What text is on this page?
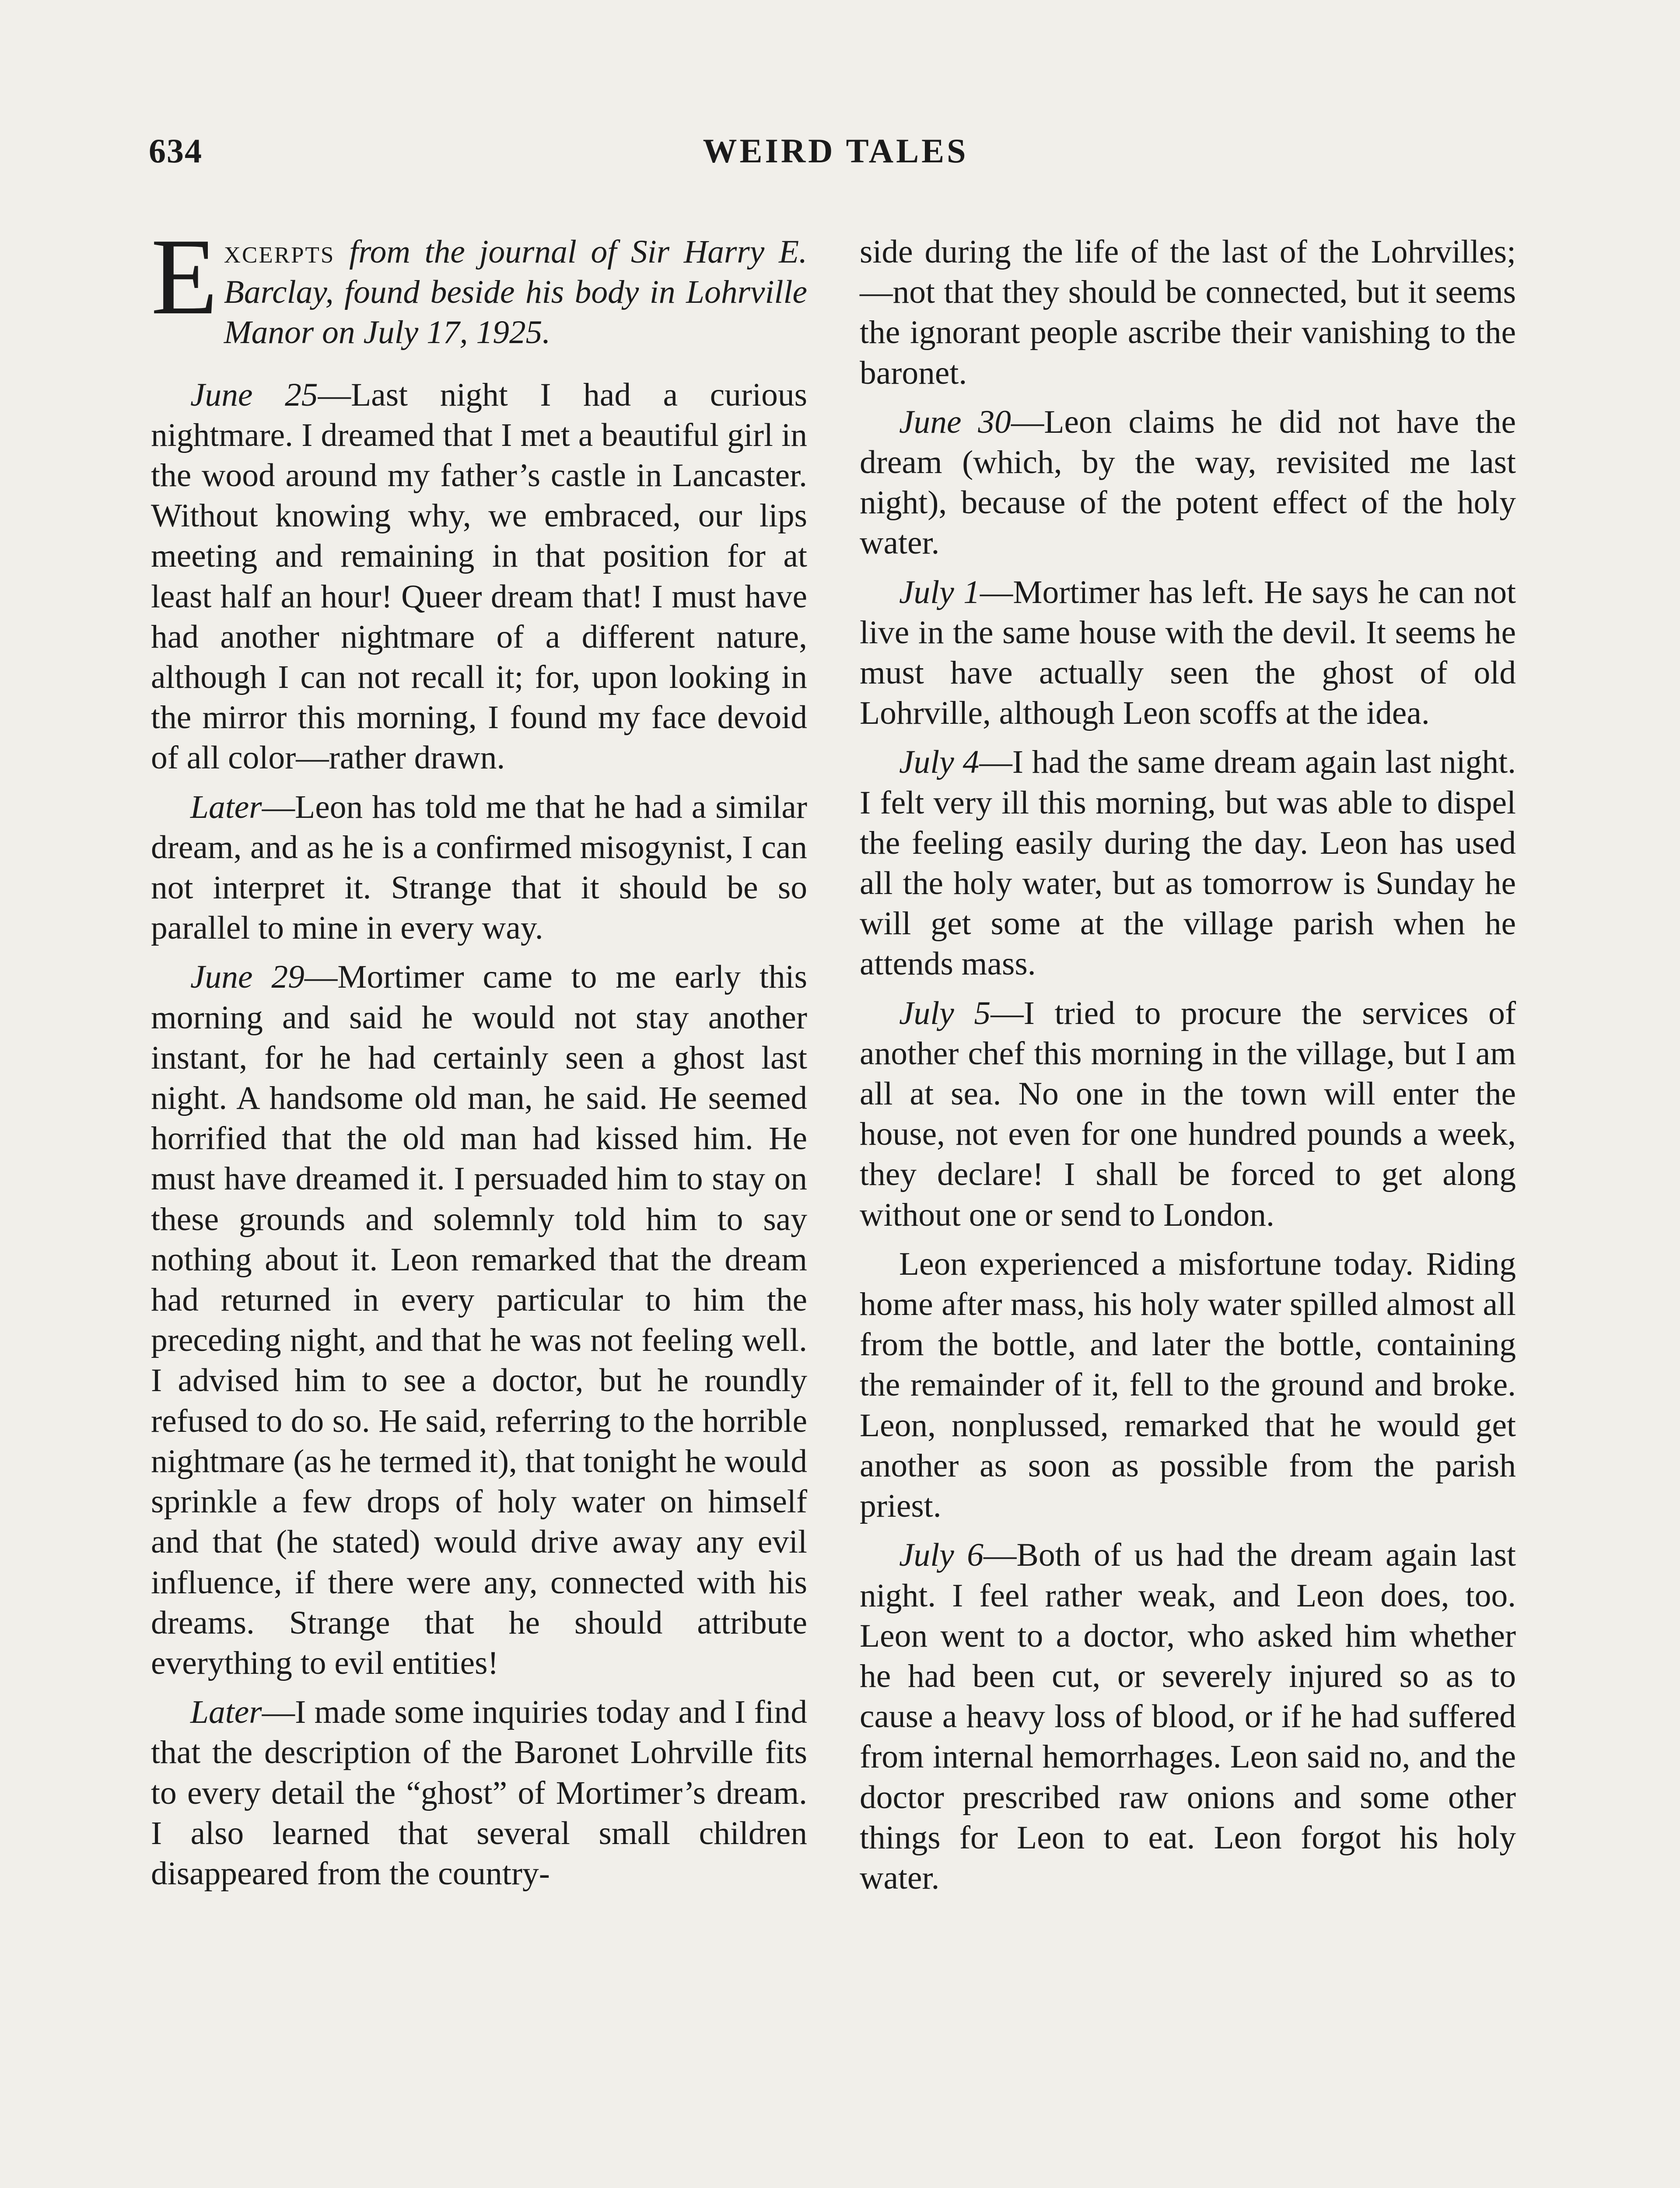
634	WEIRD TALES

Excerpts from the journal of Sir Harry E. Barclay, found beside his body in Lohrville Manor on July 17, 1925.

June 25—Last night I had a curious nightmare. I dreamed that I met a beautiful girl in the wood around my father’s castle in Lancaster. Without knowing why, we embraced, our lips meeting and remaining in that position for at least half an hour! Queer dream that! I must have had another nightmare of a different nature, although I can not recall it; for, upon looking in the mirror this morning, I found my face devoid of all color—rather drawn.

Later—Leon has told me that he had a similar dream, and as he is a confirmed misogynist, I can not interpret it. Strange that it should be so parallel to mine in every way.

June 29—Mortimer came to me early this morning and said he would not stay another instant, for he had certainly seen a ghost last night. A handsome old man, he said. He seemed horrified that the old man had kissed him. He must have dreamed it. I persuaded him to stay on these grounds and solemnly told him to say nothing about it. Leon remarked that the dream had returned in every particular to him the preceding night, and that he was not feeling well. I advised him to see a doctor, but he roundly refused to do so. He said, referring to the horrible nightmare (as he termed it), that tonight he would sprinkle a few drops of holy water on himself and that (he stated) would drive away any evil influence, if there were any, connected with his dreams. Strange that he should attribute everything to evil entities!

Later—I made some inquiries today and I find that the description of the Baronet Lohrville fits to every detail the “ghost” of Mortimer’s dream. I also learned that several small children disappeared from the country-

side during the life of the last of the Lohrvilles;—not that they should be connected, but it seems the ignorant people ascribe their vanishing to the baronet.

June 30—Leon claims he did not have the dream (which, by the way, revisited me last night), because of the potent effect of the holy water.

July 1—Mortimer has left. He says he can not live in the same house with the devil. It seems he must have actually seen the ghost of old Lohrville, although Leon scoffs at the idea.

July 4—I had the same dream again last night. I felt very ill this morning, but was able to dispel the feeling easily during the day. Leon has used all the holy water, but as tomorrow is Sunday he will get some at the village parish when he attends mass.

July 5—I tried to procure the services of another chef this morning in the village, but I am all at sea. No one in the town will enter the house, not even for one hundred pounds a week, they declare! I shall be forced to get along without one or send to London.

Leon experienced a misfortune today. Riding home after mass, his holy water spilled almost all from the bottle, and later the bottle, containing the remainder of it, fell to the ground and broke. Leon, nonplussed, remarked that he would get another as soon as possible from the parish priest.

July 6—Both of us had the dream again last night. I feel rather weak, and Leon does, too. Leon went to a doctor, who asked him whether he had been cut, or severely injured so as to cause a heavy loss of blood, or if he had suffered from internal hemorrhages. Leon said no, and the doctor prescribed raw onions and some other things for Leon to eat. Leon forgot his holy water.
